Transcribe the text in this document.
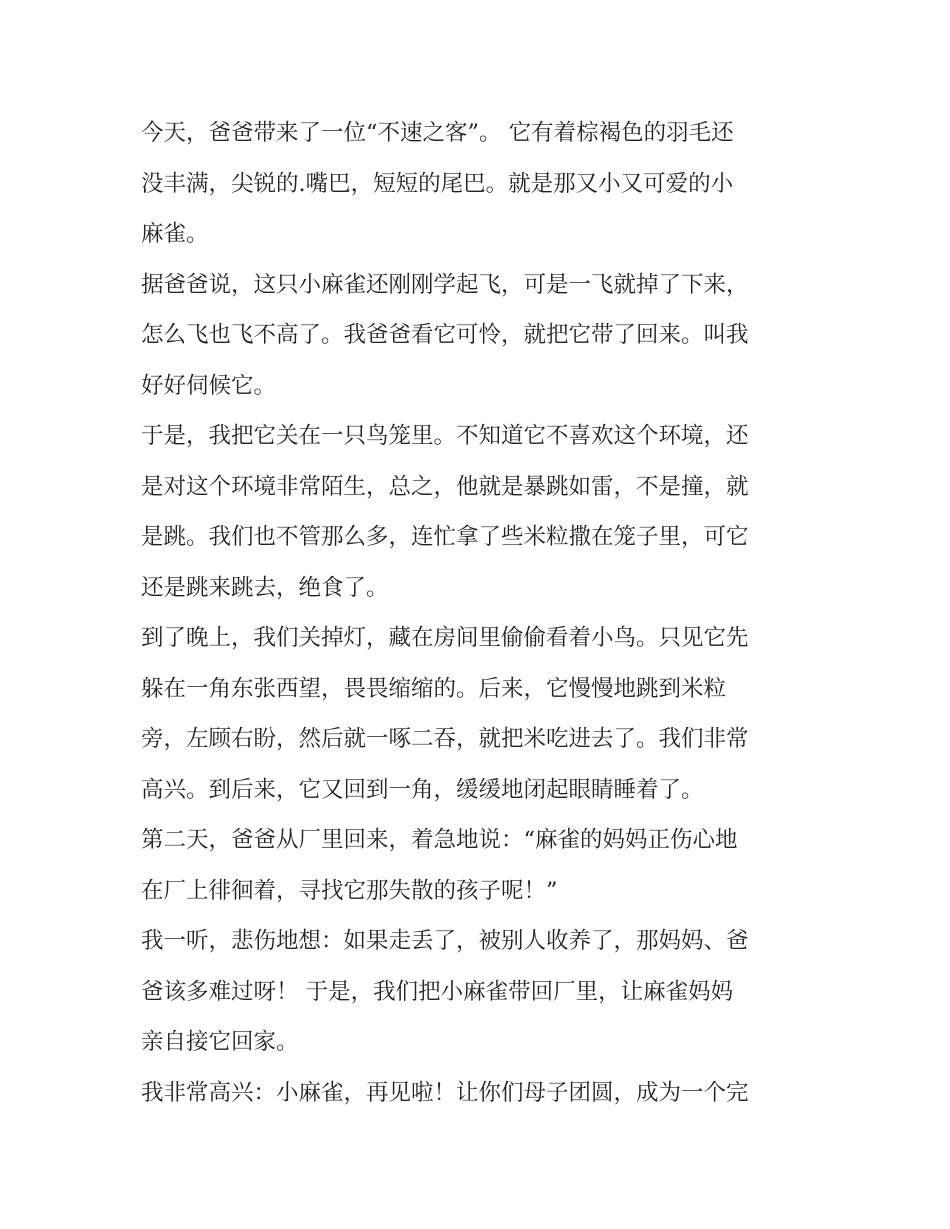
今天，爸爸带来了一位“不速之客”。 它有着棕褐色的羽毛还
没丰满，尖锐的.嘴巴，短短的尾巴。就是那又小又可爱的小
麻雀。
据爸爸说，这只小麻雀还刚刚学起飞，可是一飞就掉了下来，
怎么飞也飞不高了。我爸爸看它可怜，就把它带了回来。叫我
好好伺候它。
于是，我把它关在一只鸟笼里。不知道它不喜欢这个环境，还
是对这个环境非常陌生，总之，他就是暴跳如雷，不是撞，就
是跳。我们也不管那么多，连忙拿了些米粒撒在笼子里，可它
还是跳来跳去，绝食了。
到了晚上，我们关掉灯，藏在房间里偷偷看着小鸟。只见它先
躲在一角东张西望，畏畏缩缩的。后来，它慢慢地跳到米粒
旁，左顾右盼，然后就一啄二吞，就把米吃进去了。我们非常
高兴。到后来，它又回到一角，缓缓地闭起眼睛睡着了。
第二天，爸爸从厂里回来，着急地说：“麻雀的妈妈正伤心地
在厂上徘徊着，寻找它那失散的孩子呢！”
我一听，悲伤地想：如果走丢了，被别人收养了，那妈妈、爸
爸该多难过呀！ 于是，我们把小麻雀带回厂里，让麻雀妈妈
亲自接它回家。
我非常高兴：小麻雀，再见啦！让你们母子团圆，成为一个完
